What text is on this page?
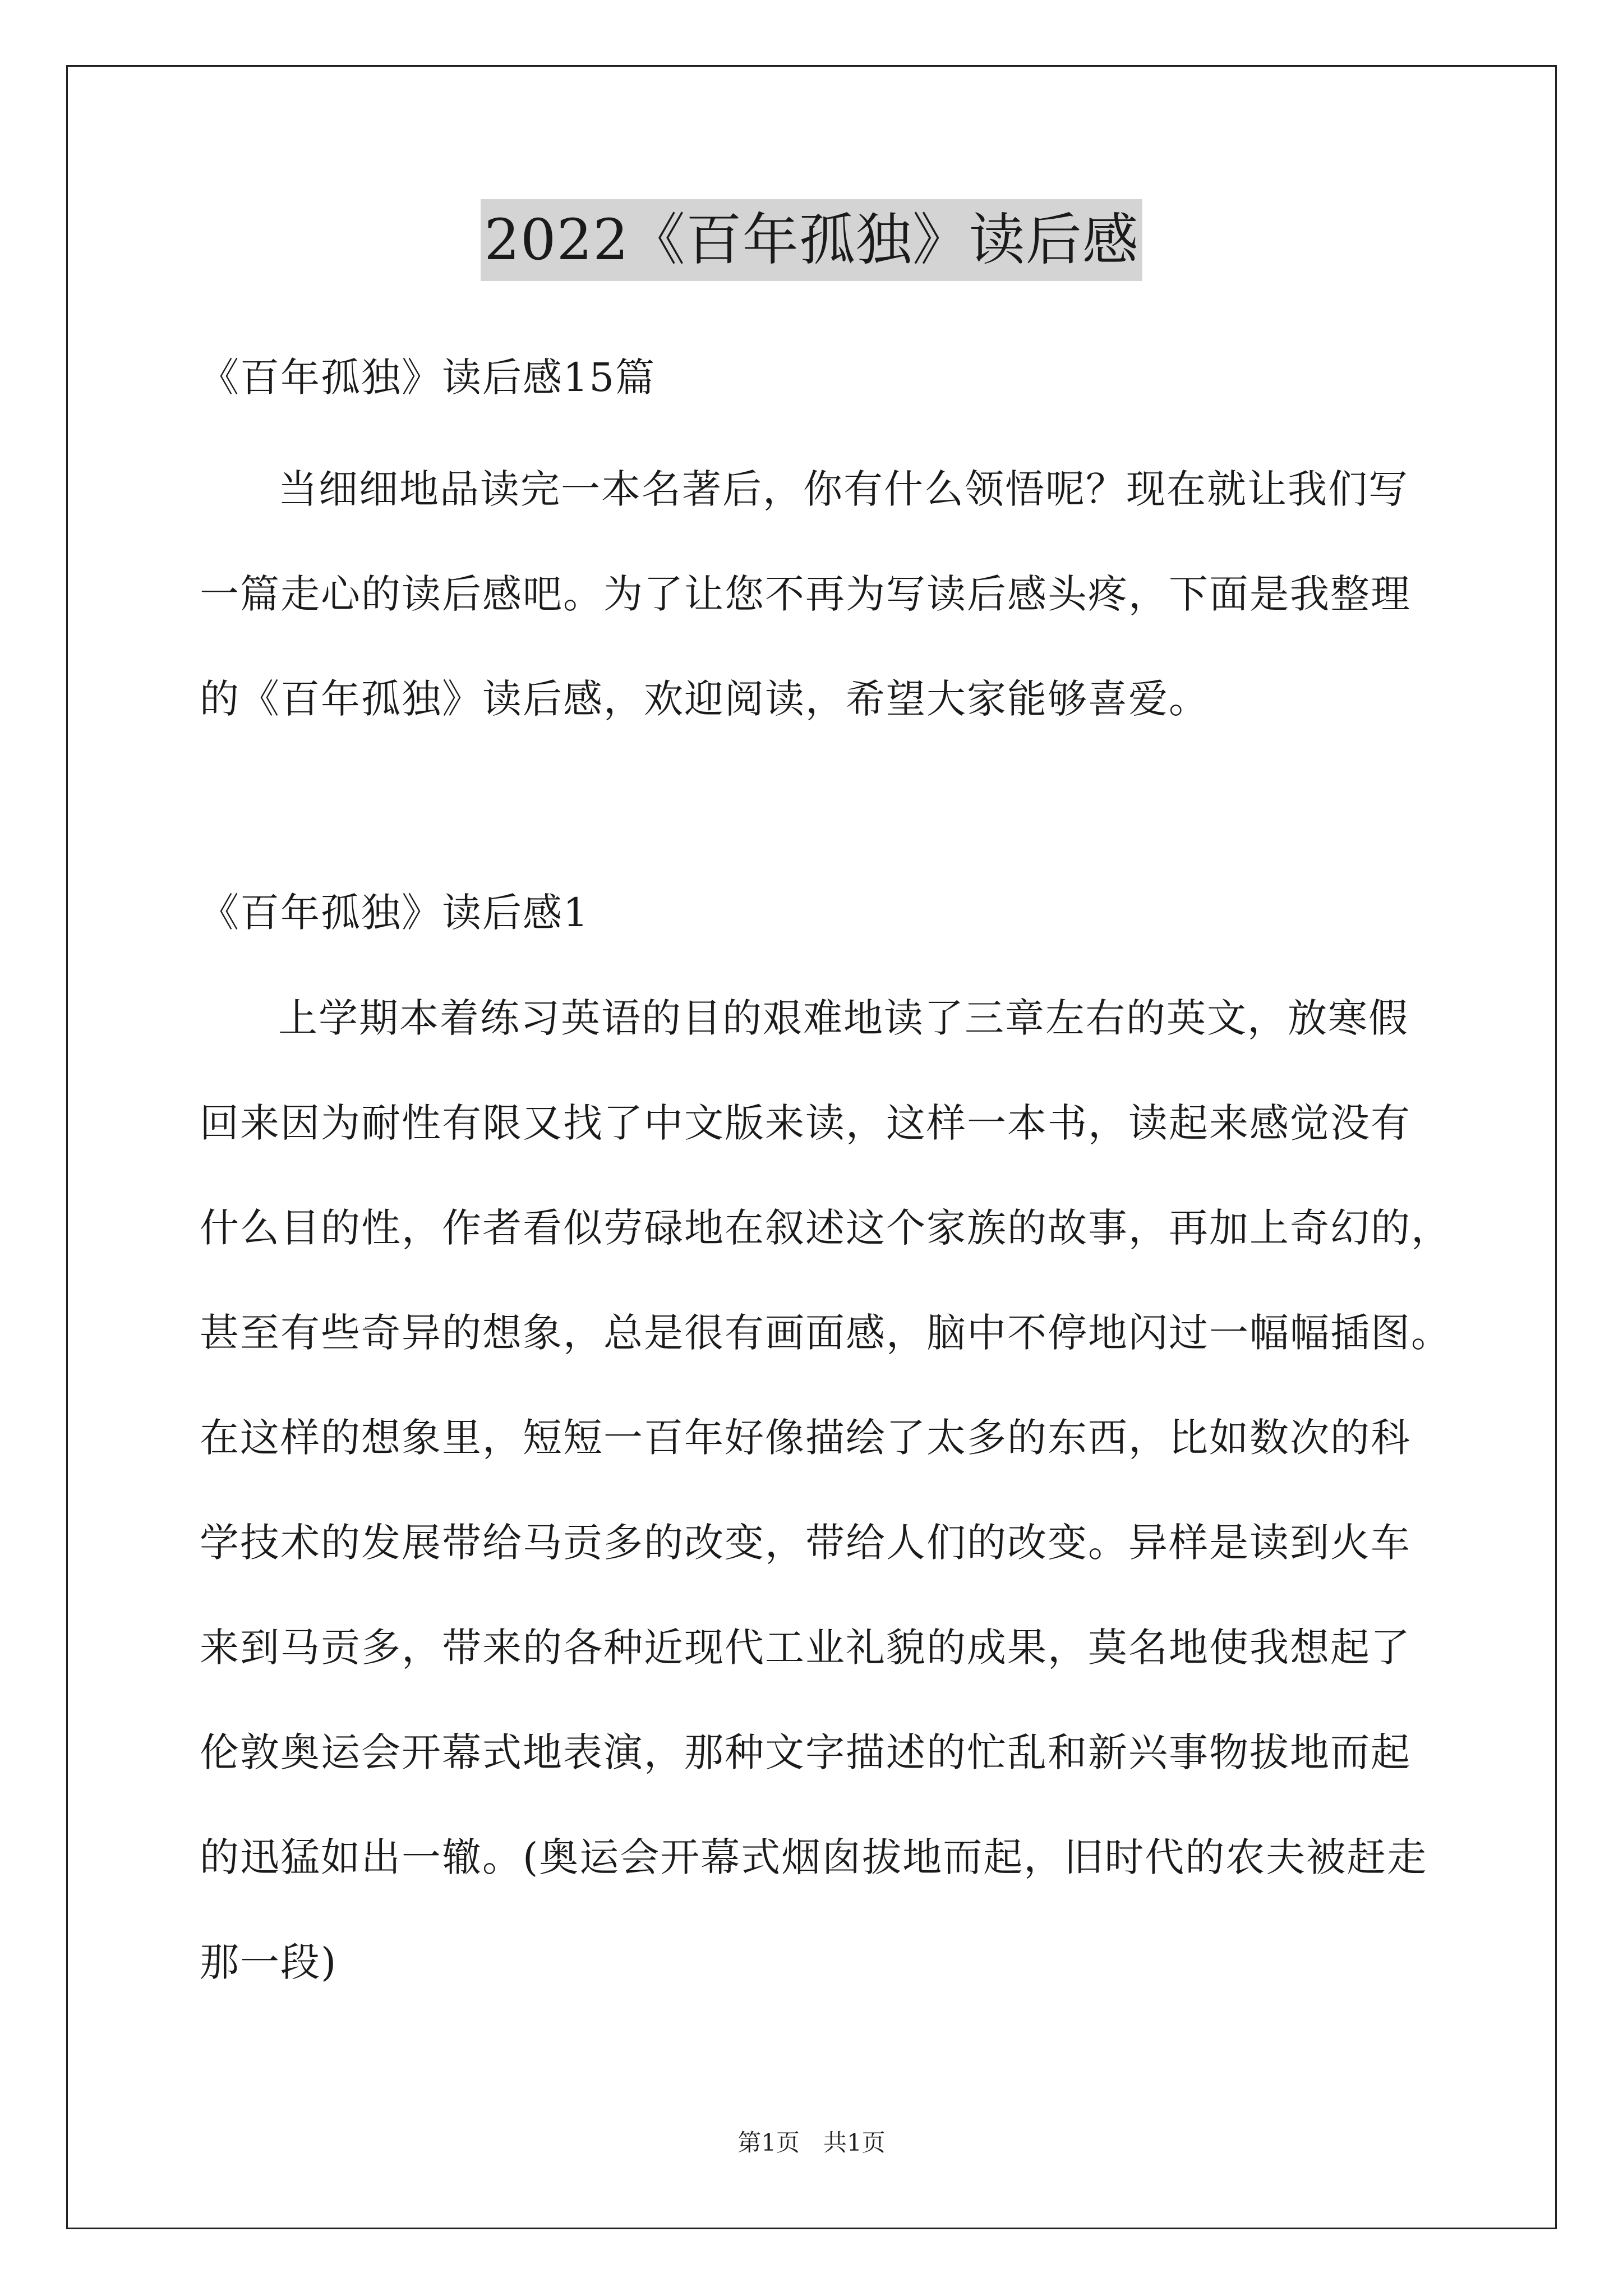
2022《百年孤独》读后感
《百年孤独》读后感15篇
当细细地品读完一本名著后，你有什么领悟呢？现在就让我们写
一篇走心的读后感吧。为了让您不再为写读后感头疼，下面是我整理
的《百年孤独》读后感，欢迎阅读，希望大家能够喜爱。
《百年孤独》读后感1
上学期本着练习英语的目的艰难地读了三章左右的英文，放寒假
回来因为耐性有限又找了中文版来读，这样一本书，读起来感觉没有
什么目的性，作者看似劳碌地在叙述这个家族的故事，再加上奇幻的，
甚至有些奇异的想象，总是很有画面感，脑中不停地闪过一幅幅插图。
在这样的想象里，短短一百年好像描绘了太多的东西，比如数次的科
学技术的发展带给马贡多的改变，带给人们的改变。异样是读到火车
来到马贡多，带来的各种近现代工业礼貌的成果，莫名地使我想起了
伦敦奥运会开幕式地表演，那种文字描述的忙乱和新兴事物拔地而起
的迅猛如出一辙。(奥运会开幕式烟囱拔地而起，旧时代的农夫被赶走
那一段)
第1页　共1页
